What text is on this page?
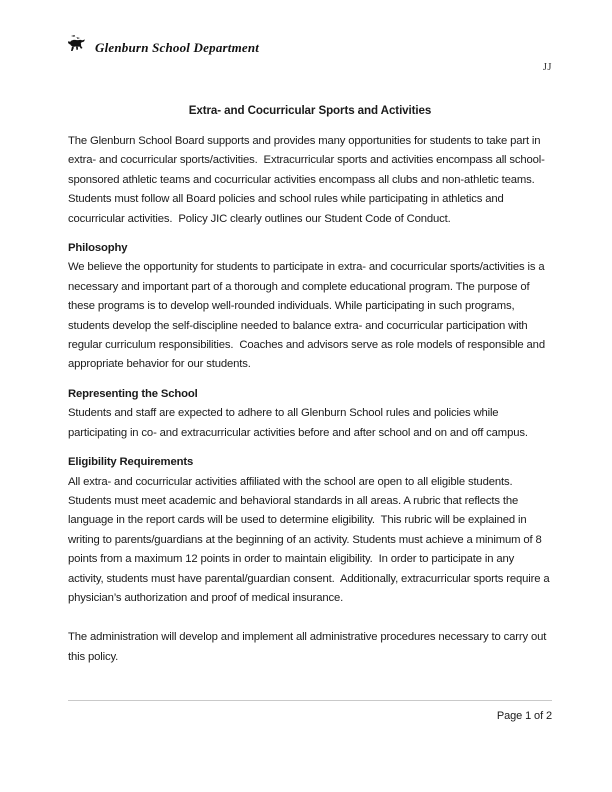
Glenburn School Department
JJ
Extra- and Cocurricular Sports and Activities
The Glenburn School Board supports and provides many opportunities for students to take part in extra- and cocurricular sports/activities.  Extracurricular sports and activities encompass all school-sponsored athletic teams and cocurricular activities encompass all clubs and non-athletic teams.  Students must follow all Board policies and school rules while participating in athletics and cocurricular activities.  Policy JIC clearly outlines our Student Code of Conduct.
Philosophy
We believe the opportunity for students to participate in extra- and cocurricular sports/activities is a necessary and important part of a thorough and complete educational program. The purpose of these programs is to develop well-rounded individuals. While participating in such programs, students develop the self-discipline needed to balance extra- and cocurricular participation with regular curriculum responsibilities.  Coaches and advisors serve as role models of responsible and appropriate behavior for our students.
Representing the School
Students and staff are expected to adhere to all Glenburn School rules and policies while participating in co- and extracurricular activities before and after school and on and off campus.
Eligibility Requirements
All extra- and cocurricular activities affiliated with the school are open to all eligible students. Students must meet academic and behavioral standards in all areas. A rubric that reflects the language in the report cards will be used to determine eligibility.  This rubric will be explained in writing to parents/guardians at the beginning of an activity. Students must achieve a minimum of 8 points from a maximum 12 points in order to maintain eligibility.  In order to participate in any activity, students must have parental/guardian consent.  Additionally, extracurricular sports require a physician’s authorization and proof of medical insurance.
The administration will develop and implement all administrative procedures necessary to carry out this policy.
Page 1 of 2
